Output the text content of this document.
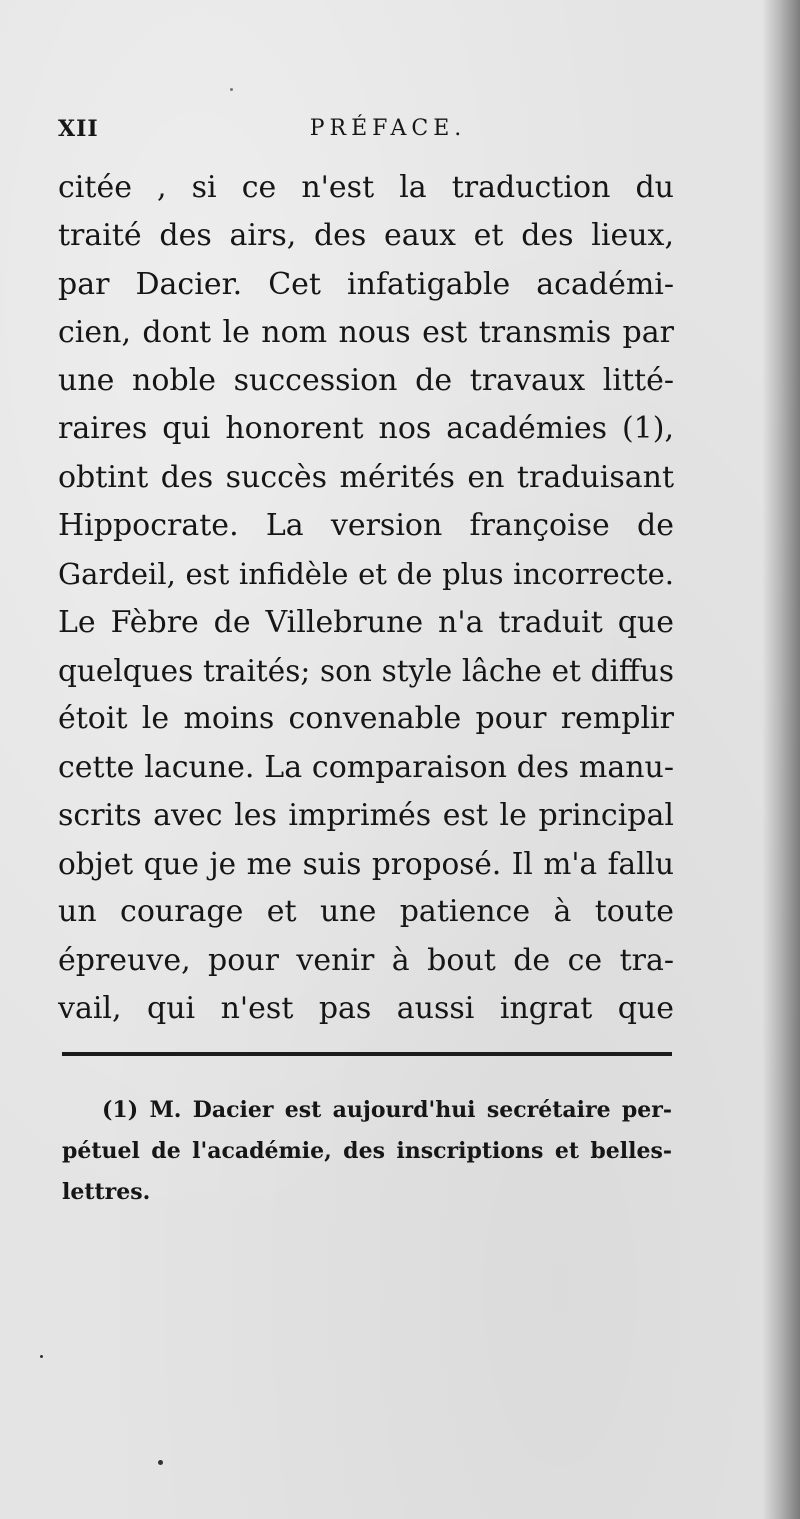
XII	PRÉFACE.
citée , si ce n'est la traduction du
traité des airs, des eaux et des lieux,
par Dacier. Cet infatigable académi-
cien, dont le nom nous est transmis par
une noble succession de travaux litté-
raires qui honorent nos académies (1),
obtint des succès mérités en traduisant
Hippocrate. La version françoise de
Gardeil, est infidèle et de plus incorrecte.
Le Fèbre de Villebrune n'a traduit que
quelques traités; son style lâche et diffus
étoit le moins convenable pour remplir
cette lacune. La comparaison des manu-
scrits avec les imprimés est le principal
objet que je me suis proposé. Il m'a fallu
un courage et une patience à toute
épreuve, pour venir à bout de ce tra-
vail, qui n'est pas aussi ingrat que
(1) M. Dacier est aujourd'hui secrétaire per-
pétuel de l'académie, des inscriptions et belles-
lettres.
